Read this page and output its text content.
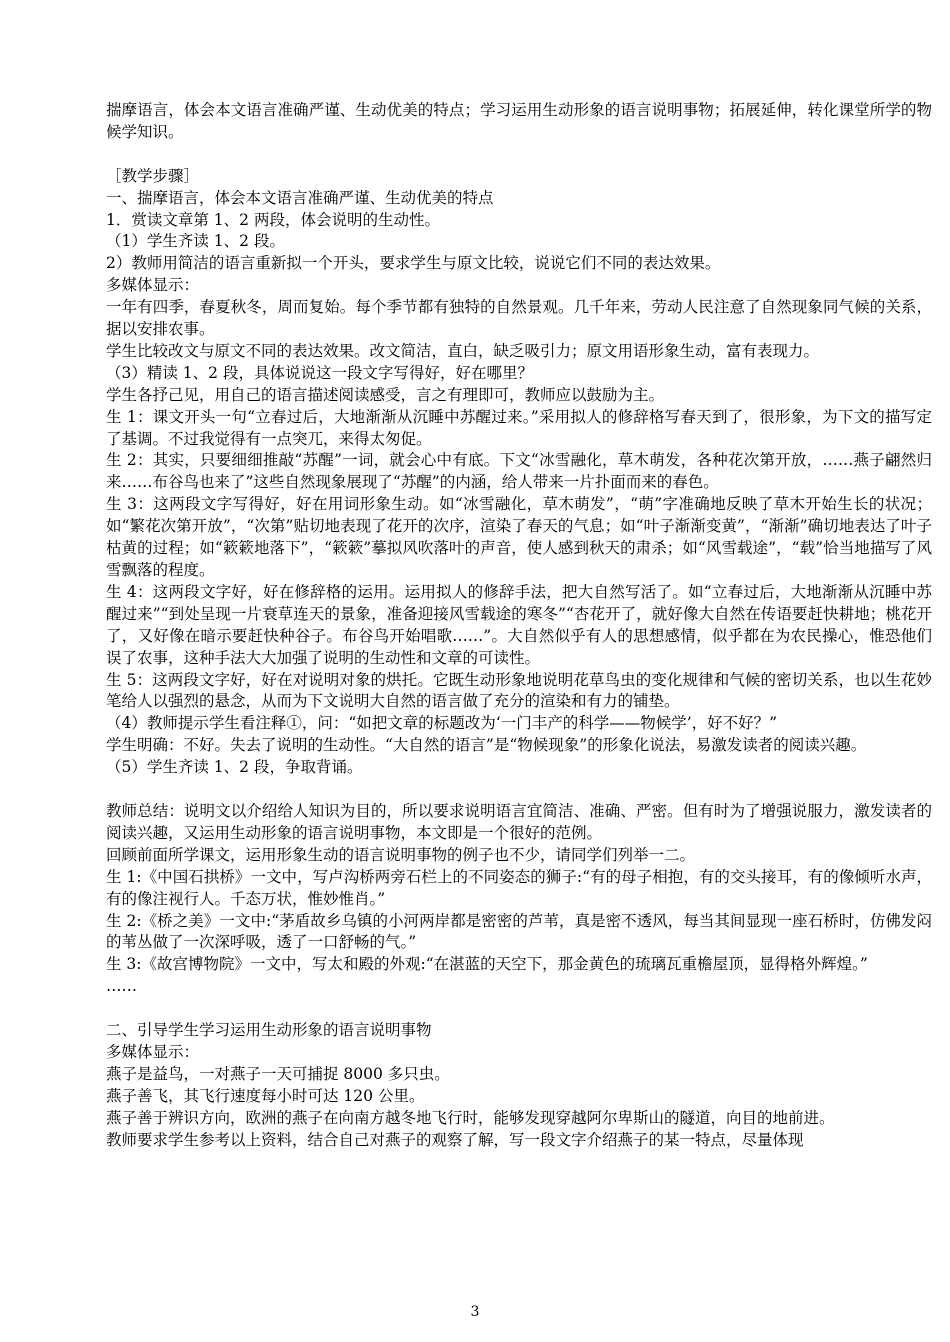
揣摩语言，体会本文语言准确严谨、生动优美的特点；学习运用生动形象的语言说明事物；拓展延伸，转化课堂所学的物候学知识。

［教学步骤］

一、揣摩语言，体会本文语言准确严谨、生动优美的特点

1．赏读文章第 1、2 两段，体会说明的生动性。

（1）学生齐读 1、2 段。

2）教师用简洁的语言重新拟一个开头，要求学生与原文比较，说说它们不同的表达效果。

多媒体显示：

一年有四季，春夏秋冬，周而复始。每个季节都有独特的自然景观。几千年来，劳动人民注意了自然现象同气候的关系，据以安排农事。

学生比较改文与原文不同的表达效果。改文简洁，直白，缺乏吸引力；原文用语形象生动，富有表现力。

（3）精读 1、2 段，具体说说这一段文字写得好，好在哪里？

学生各抒己见，用自己的语言描述阅读感受，言之有理即可，教师应以鼓励为主。

生 1：课文开头一句“立春过后，大地渐渐从沉睡中苏醒过来。”采用拟人的修辞格写春天到了，很形象，为下文的描写定了基调。不过我觉得有一点突兀，来得太匆促。

生 2：其实，只要细细推敲“苏醒”一词，就会心中有底。下文“冰雪融化，草木萌发，各种花次第开放，……燕子翩然归来……布谷鸟也来了”这些自然现象展现了“苏醒”的内涵，给人带来一片扑面而来的春色。

生 3：这两段文字写得好，好在用词形象生动。如“冰雪融化，草木萌发”，“萌”字准确地反映了草木开始生长的状况；如“繁花次第开放”，“次第”贴切地表现了花开的次序，渲染了春天的气息；如“叶子渐渐变黄”，“渐渐”确切地表达了叶子枯黄的过程；如“簌簌地落下”，“簌簌”摹拟风吹落叶的声音，使人感到秋天的肃杀；如“风雪载途”，“载”恰当地描写了风雪飘落的程度。

生 4：这两段文字好，好在修辞格的运用。运用拟人的修辞手法，把大自然写活了。如“立春过后，大地渐渐从沉睡中苏醒过来”“到处呈现一片衰草连天的景象，准备迎接风雪载途的寒冬”“杏花开了，就好像大自然在传语要赶快耕地；桃花开了，又好像在暗示要赶快种谷子。布谷鸟开始唱歌……”。大自然似乎有人的思想感情，似乎都在为农民操心，惟恐他们误了农事，这种手法大大加强了说明的生动性和文章的可读性。

生 5：这两段文字好，好在对说明对象的烘托。它既生动形象地说明花草鸟虫的变化规律和气候的密切关系，也以生花妙笔给人以强烈的悬念，从而为下文说明大自然的语言做了充分的渲染和有力的铺垫。

（4）教师提示学生看注释①，问：“如把文章的标题改为‘一门丰产的科学——物候学’，好不好？”

学生明确：不好。失去了说明的生动性。“大自然的语言”是“物候现象”的形象化说法，易激发读者的阅读兴趣。

（5）学生齐读 1、2 段，争取背诵。

教师总结：说明文以介绍给人知识为目的，所以要求说明语言宜简洁、准确、严密。但有时为了增强说服力，激发读者的阅读兴趣，又运用生动形象的语言说明事物，本文即是一个很好的范例。

回顾前面所学课文，运用形象生动的语言说明事物的例子也不少，请同学们列举一二。

生 1:《中国石拱桥》一文中，写卢沟桥两旁石栏上的不同姿态的狮子:“有的母子相抱，有的交头接耳，有的像倾听水声，有的像注视行人。千态万状，惟妙惟肖。”

生 2:《桥之美》一文中:“茅盾故乡乌镇的小河两岸都是密密的芦苇，真是密不透风，每当其间显现一座石桥时，仿佛发闷的苇丛做了一次深呼吸，透了一口舒畅的气。”

生 3:《故宫博物院》一文中，写太和殿的外观:“在湛蓝的天空下，那金黄色的琉璃瓦重檐屋顶，显得格外辉煌。”

……

二、引导学生学习运用生动形象的语言说明事物

多媒体显示：

燕子是益鸟，一对燕子一天可捕捉 8000 多只虫。

燕子善飞，其飞行速度每小时可达 120 公里。

燕子善于辨识方向，欧洲的燕子在向南方越冬地飞行时，能够发现穿越阿尔卑斯山的隧道，向目的地前进。

教师要求学生参考以上资料，结合自己对燕子的观察了解，写一段文字介绍燕子的某一特点，尽量体现

3
